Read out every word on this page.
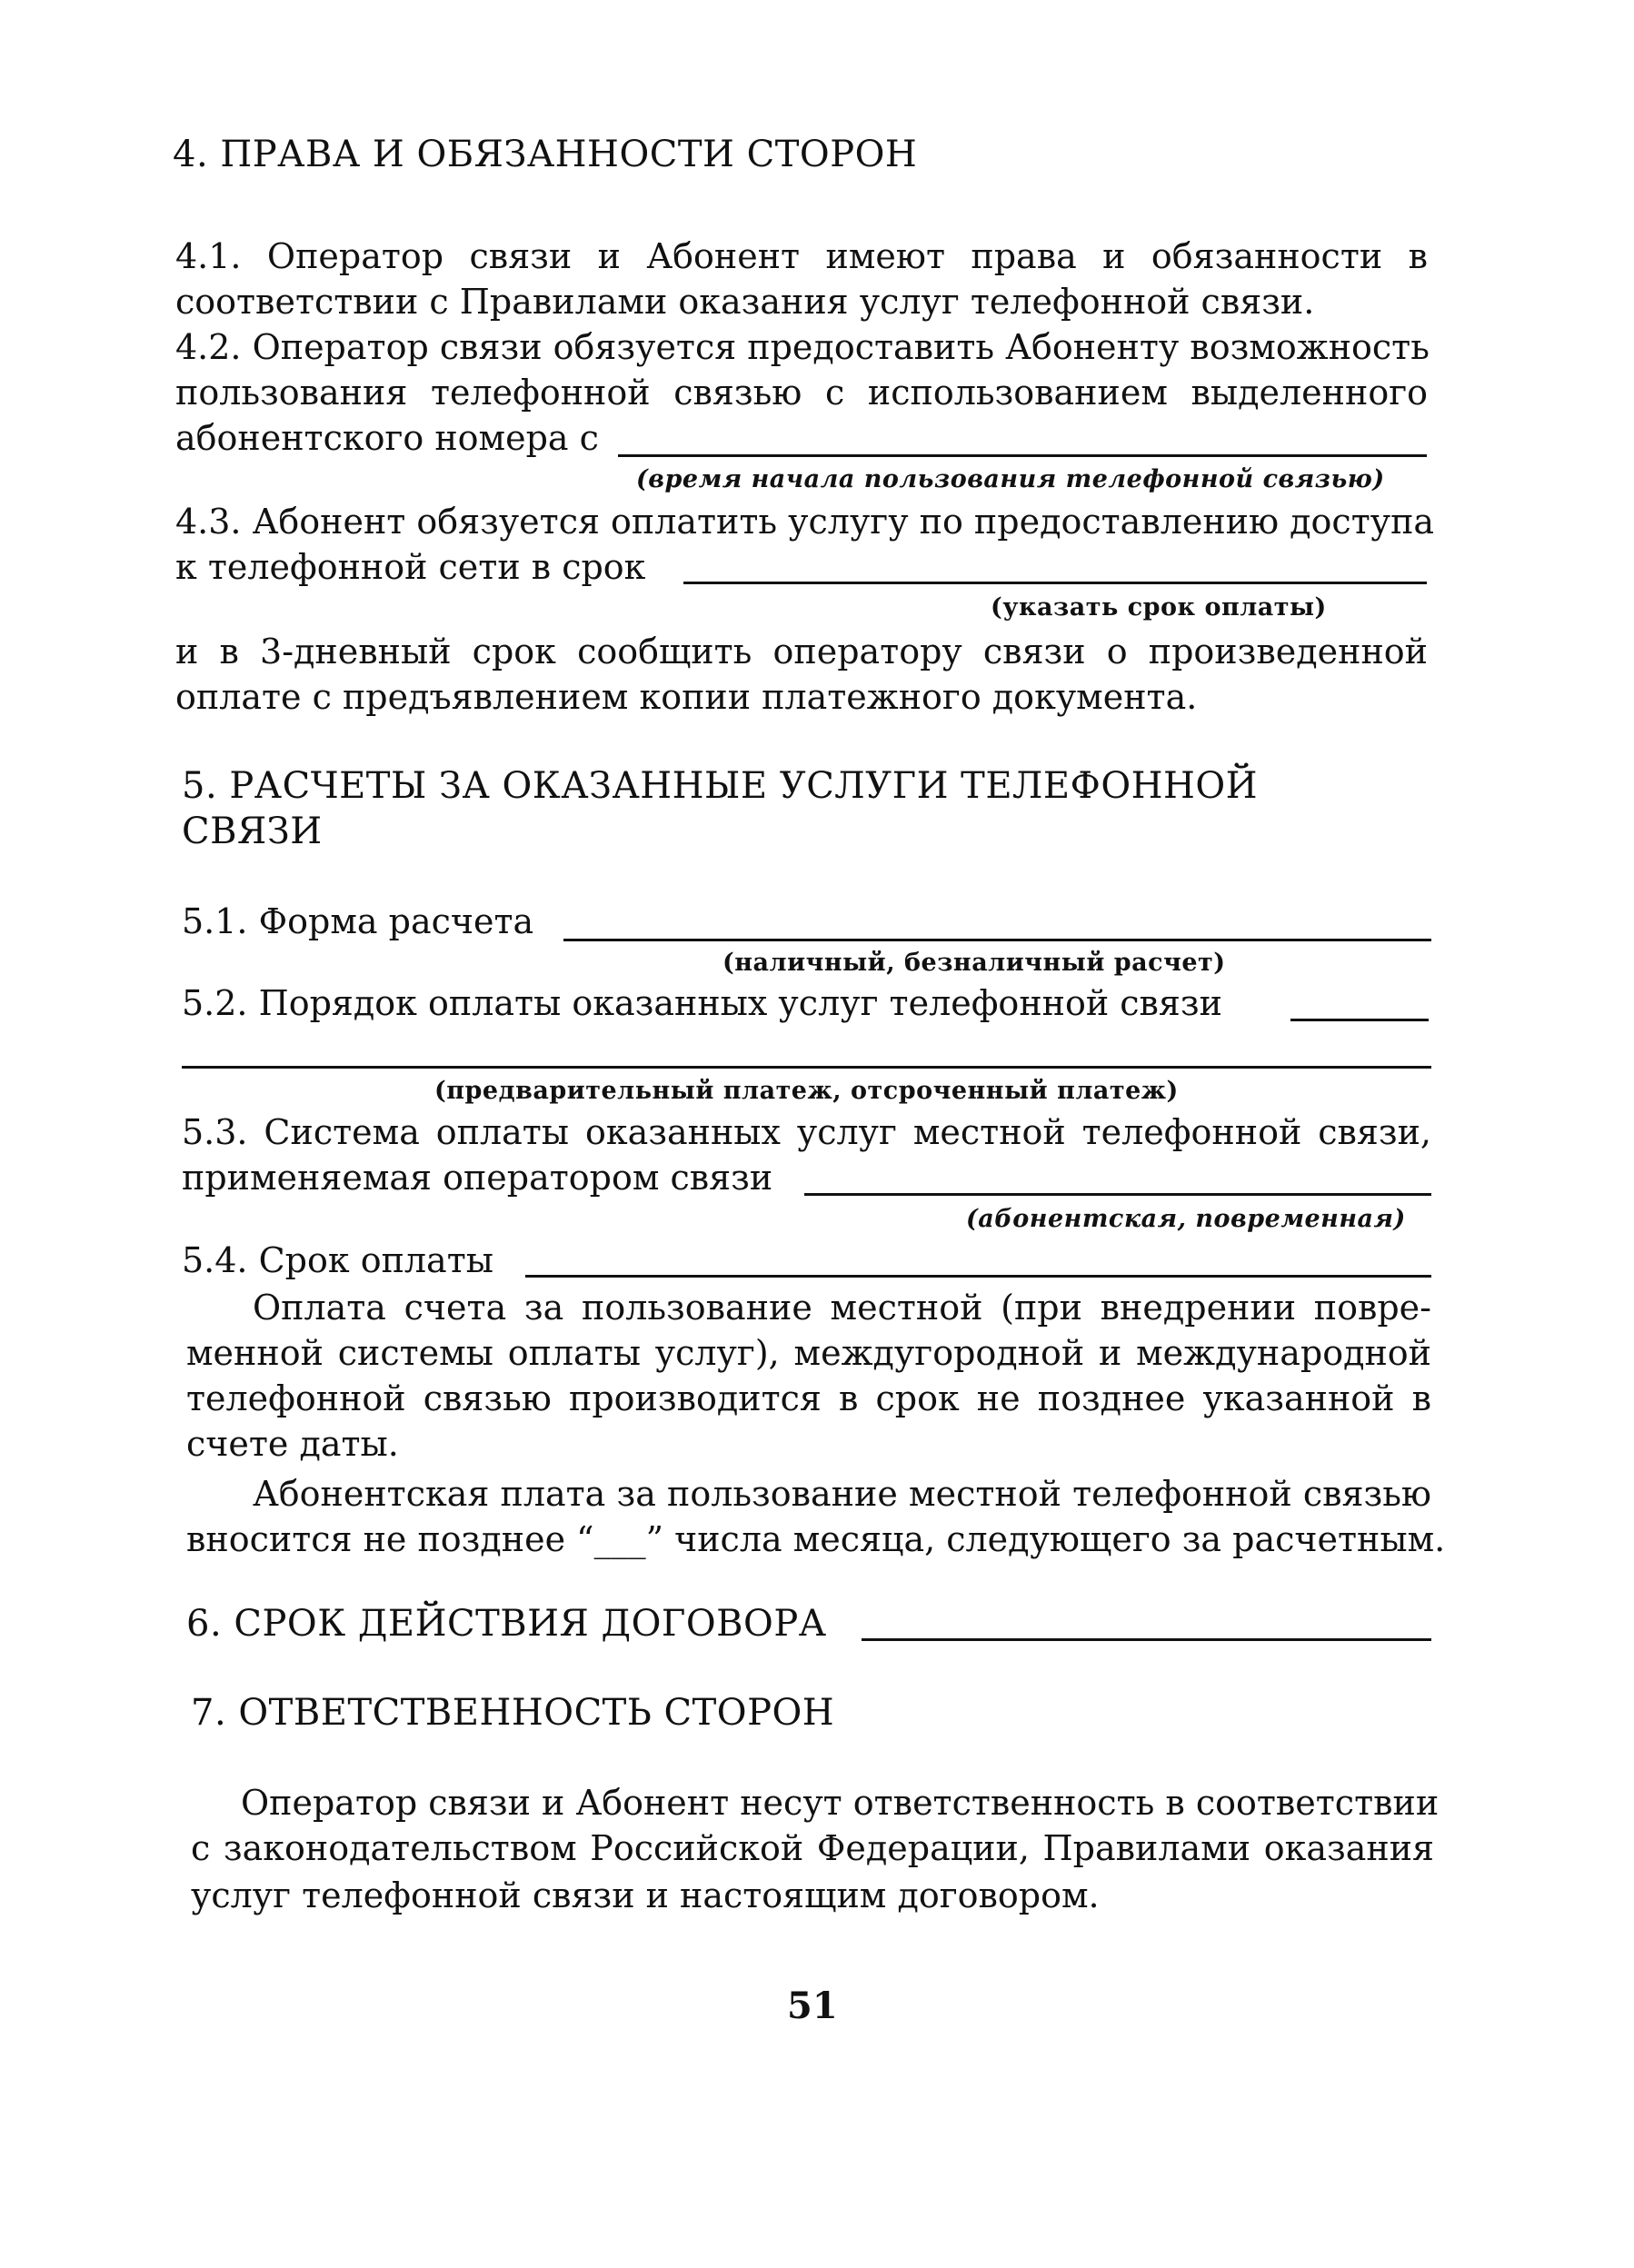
4. ПРАВА И ОБЯЗАННОСТИ СТОРОН
4.1. Оператор связи и Абонент имеют права и обязанности в
соответствии с Правилами оказания услуг телефонной связи.
4.2. Оператор связи обязуется предоставить Абоненту возможность
пользования телефонной связью с использованием выделенного
абонентского номера с
(время начала пользования телефонной связью)
4.3. Абонент обязуется оплатить услугу по предоставлению доступа
к телефонной сети в срок
(указать срок оплаты)
и в 3-дневный срок сообщить оператору связи о произведенной
оплате с предъявлением копии платежного документа.
5. РАСЧЕТЫ ЗА ОКАЗАННЫЕ УСЛУГИ ТЕЛЕФОННОЙ
СВЯЗИ
5.1. Форма расчета
(наличный, безналичный расчет)
5.2. Порядок оплаты оказанных услуг телефонной связи
(предварительный платеж, отсроченный платеж)
5.3. Система оплаты оказанных услуг местной телефонной связи,
применяемая оператором связи
(абонентская, повременная)
5.4. Срок оплаты
Оплата счета за пользование местной (при внедрении повре-
менной системы оплаты услуг), междугородной и международной
телефонной связью производится в срок не позднее указанной в
счете даты.
Абонентская плата за пользование местной телефонной связью
вносится не позднее “___” числа месяца, следующего за расчетным.
6. СРОК ДЕЙСТВИЯ ДОГОВОРА
7. ОТВЕТСТВЕННОСТЬ СТОРОН
Оператор связи и Абонент несут ответственность в соответствии
с законодательством Российской Федерации, Правилами оказания
услуг телефонной связи и настоящим договором.
51
